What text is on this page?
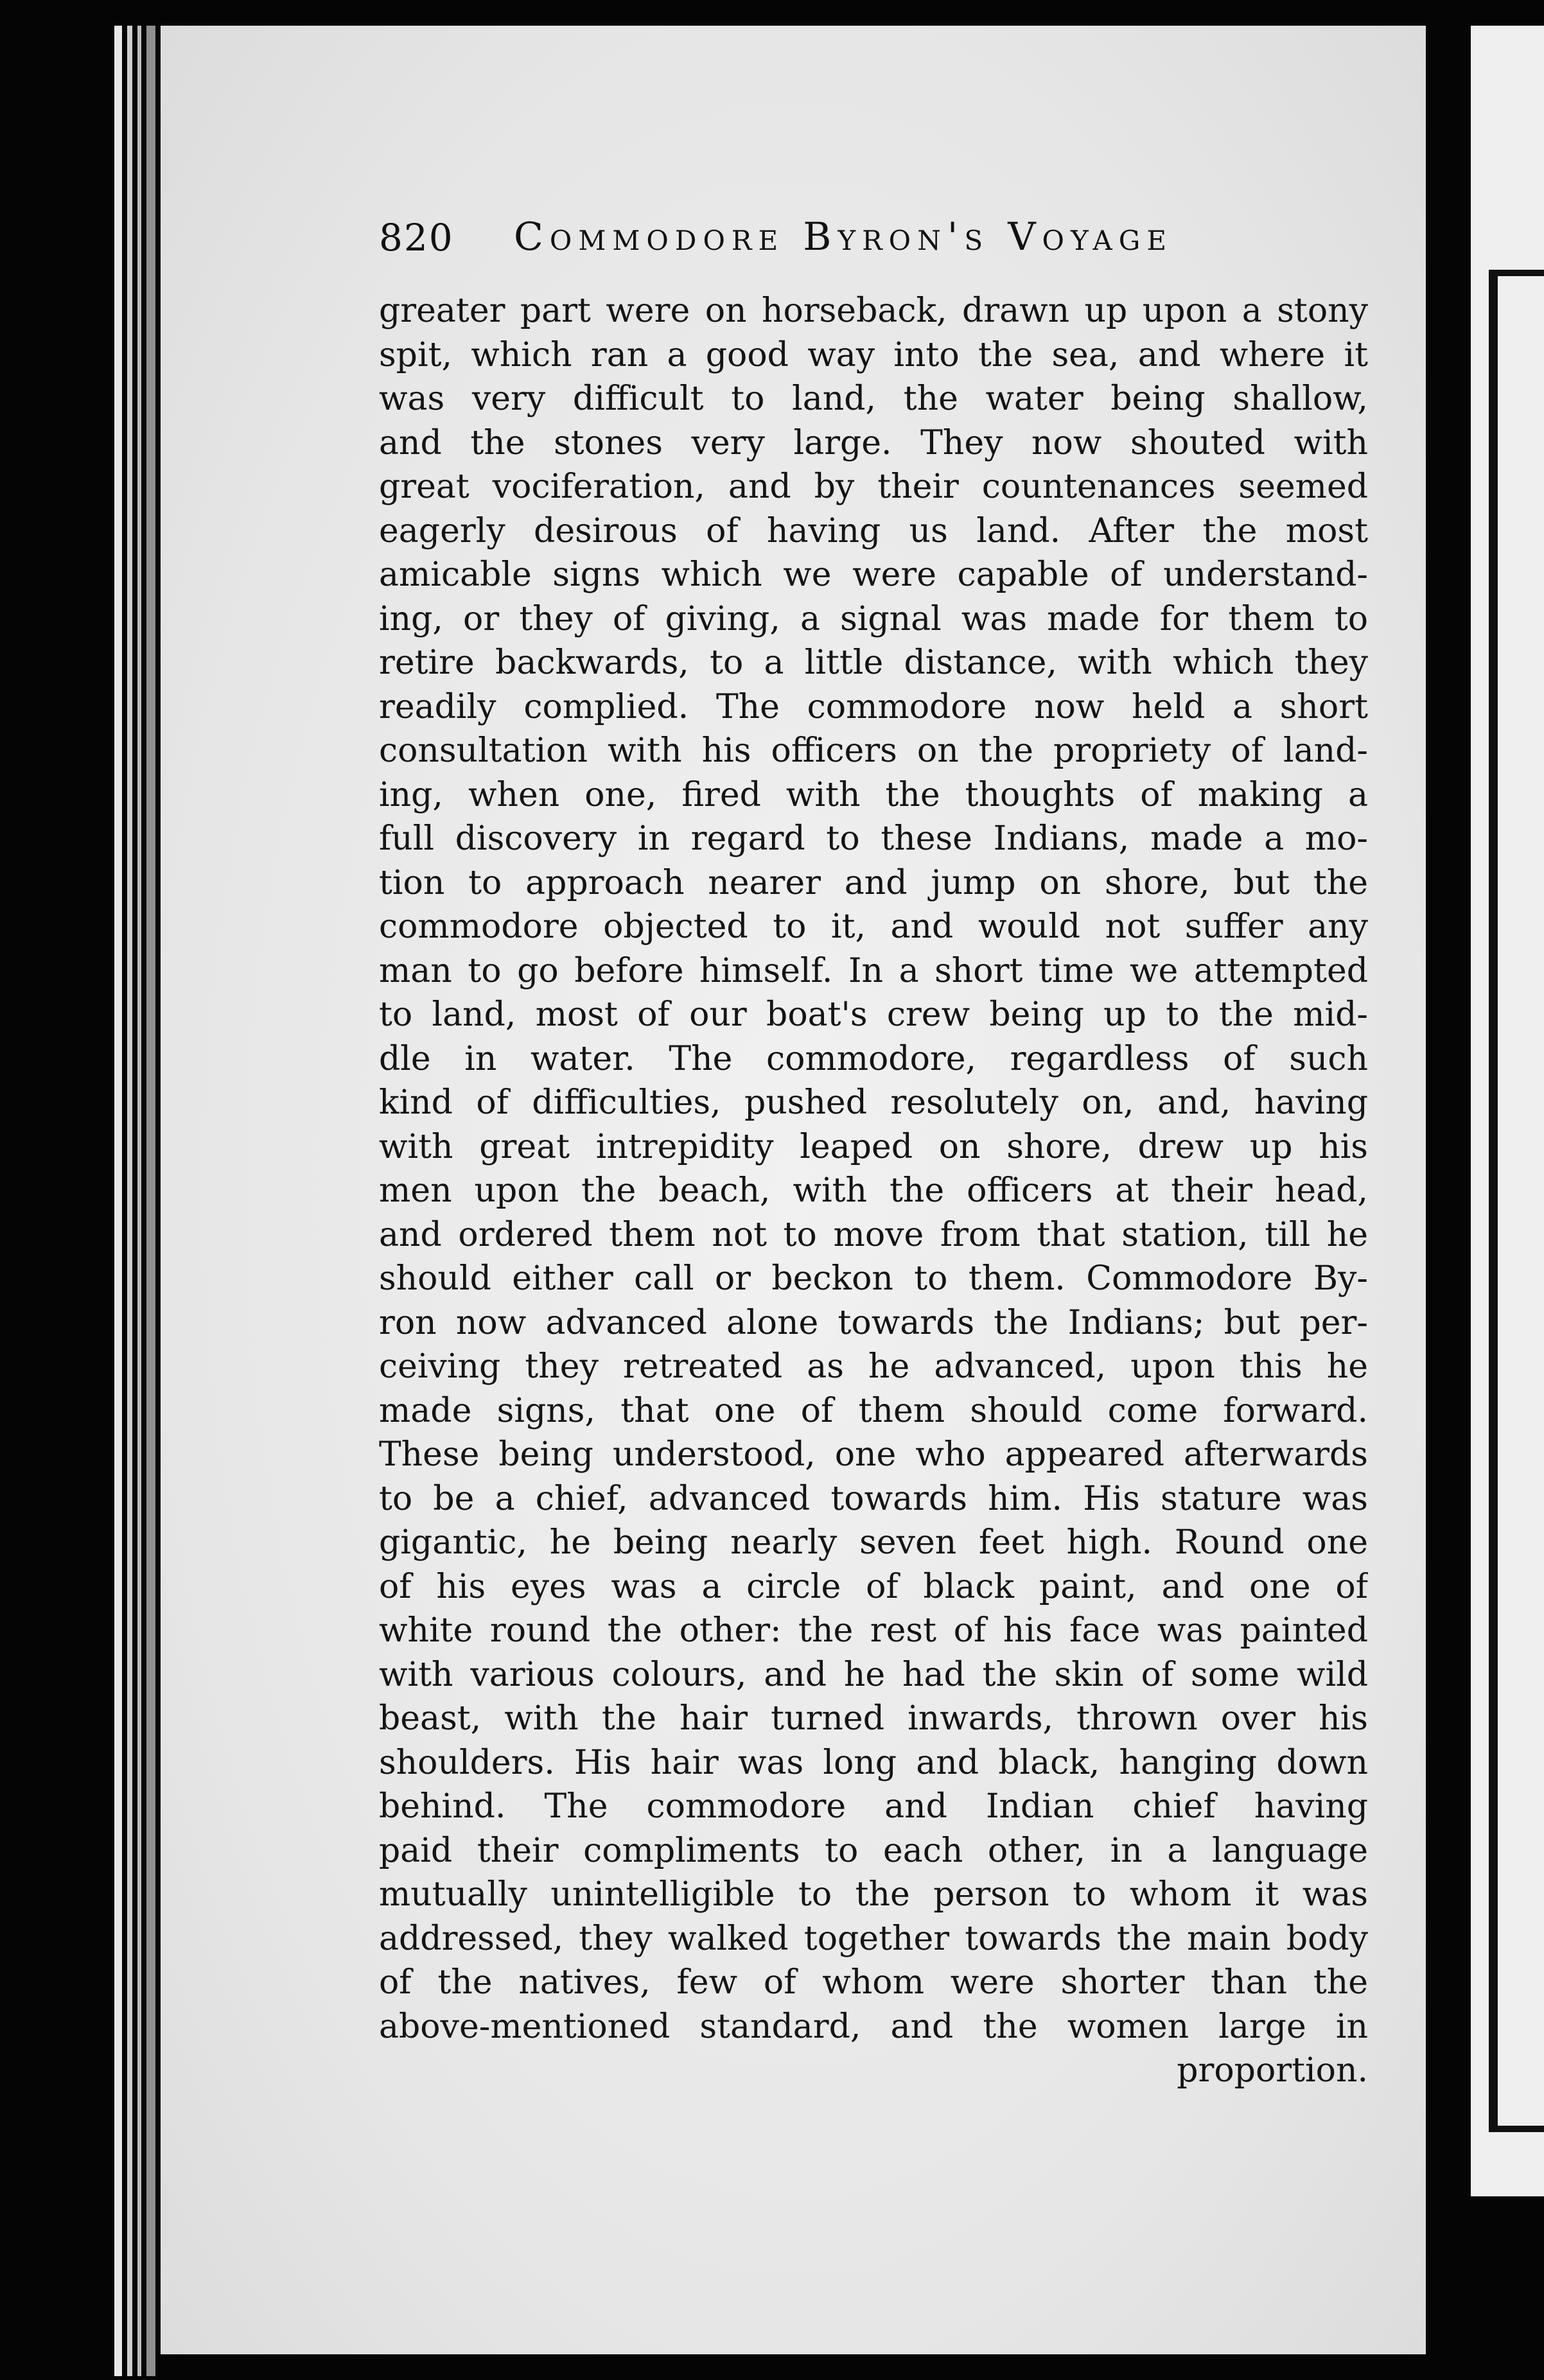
820 Commodore Byron's Voyage
greater part were on horseback, drawn up upon a stony
spit, which ran a good way into the sea, and where it
was very difficult to land, the water being shallow,
and the stones very large. They now shouted with
great vociferation, and by their countenances seemed
eagerly desirous of having us land. After the most
amicable signs which we were capable of understand-
ing, or they of giving, a signal was made for them to
retire backwards, to a little distance, with which they
readily complied. The commodore now held a short
consultation with his officers on the propriety of land-
ing, when one, fired with the thoughts of making a
full discovery in regard to these Indians, made a mo-
tion to approach nearer and jump on shore, but the
commodore objected to it, and would not suffer any
man to go before himself. In a short time we attempted
to land, most of our boat's crew being up to the mid-
dle in water. The commodore, regardless of such
kind of difficulties, pushed resolutely on, and, having
with great intrepidity leaped on shore, drew up his
men upon the beach, with the officers at their head,
and ordered them not to move from that station, till he
should either call or beckon to them. Commodore By-
ron now advanced alone towards the Indians; but per-
ceiving they retreated as he advanced, upon this he
made signs, that one of them should come forward.
These being understood, one who appeared afterwards
to be a chief, advanced towards him. His stature was
gigantic, he being nearly seven feet high. Round one
of his eyes was a circle of black paint, and one of
white round the other: the rest of his face was painted
with various colours, and he had the skin of some wild
beast, with the hair turned inwards, thrown over his
shoulders. His hair was long and black, hanging down
behind. The commodore and Indian chief having
paid their compliments to each other, in a language
mutually unintelligible to the person to whom it was
addressed, they walked together towards the main body
of the natives, few of whom were shorter than the
above-mentioned standard, and the women large in
proportion.
